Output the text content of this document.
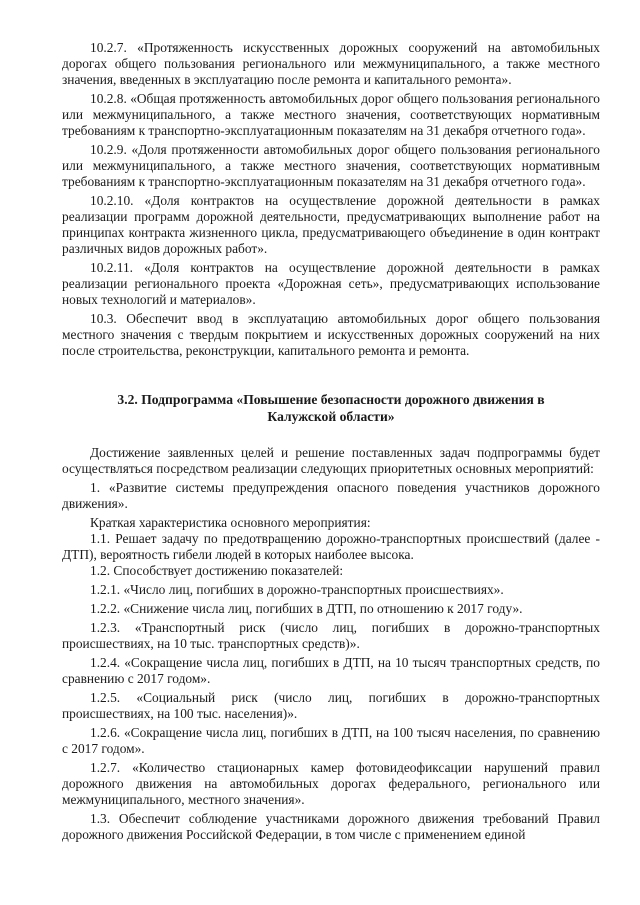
10.2.7. «Протяженность искусственных дорожных сооружений на автомобильных дорогах общего пользования регионального или межмуниципального, а также местного значения, введенных в эксплуатацию после ремонта и капитального ремонта».

10.2.8. «Общая протяженность автомобильных дорог общего пользования регионального или межмуниципального, а также местного значения, соответствующих нормативным требованиям к транспортно-эксплуатационным показателям на 31 декабря отчетного года».

10.2.9. «Доля протяженности автомобильных дорог общего пользования регионального или межмуниципального, а также местного значения, соответствующих нормативным требованиям к транспортно-эксплуатационным показателям на 31 декабря отчетного года».

10.2.10. «Доля контрактов на осуществление дорожной деятельности в рамках реализации программ дорожной деятельности, предусматривающих выполнение работ на принципах контракта жизненного цикла, предусматривающего объединение в один контракт различных видов дорожных работ».

10.2.11. «Доля контрактов на осуществление дорожной деятельности в рамках реализации регионального проекта «Дорожная сеть», предусматривающих использование новых технологий и материалов».

10.3. Обеспечит ввод в эксплуатацию автомобильных дорог общего пользования местного значения с твердым покрытием и искусственных дорожных сооружений на них после строительства, реконструкции, капитального ремонта и ремонта.

3.2. Подпрограмма «Повышение безопасности дорожного движения в Калужской области»

Достижение заявленных целей и решение поставленных задач подпрограммы будет осуществляться посредством реализации следующих приоритетных основных мероприятий:

1. «Развитие системы предупреждения опасного поведения участников дорожного движения».

Краткая характеристика основного мероприятия:

1.1. Решает задачу по предотвращению дорожно-транспортных происшествий (далее - ДТП), вероятность гибели людей в которых наиболее высока.

1.2. Способствует достижению показателей:

1.2.1. «Число лиц, погибших в дорожно-транспортных происшествиях».

1.2.2. «Снижение числа лиц, погибших в ДТП, по отношению к 2017 году».

1.2.3. «Транспортный риск (число лиц, погибших в дорожно-транспортных происшествиях, на 10 тыс. транспортных средств)».

1.2.4. «Сокращение числа лиц, погибших в ДТП, на 10 тысяч транспортных средств, по сравнению с 2017 годом».

1.2.5. «Социальный риск (число лиц, погибших в дорожно-транспортных происшествиях, на 100 тыс. населения)».

1.2.6. «Сокращение числа лиц, погибших в ДТП, на 100 тысяч населения, по сравнению с 2017 годом».

1.2.7. «Количество стационарных камер фотовидеофиксации нарушений правил дорожного движения на автомобильных дорогах федерального, регионального или межмуниципального, местного значения».

1.3. Обеспечит соблюдение участниками дорожного движения требований Правил дорожного движения Российской Федерации, в том числе с применением единой
